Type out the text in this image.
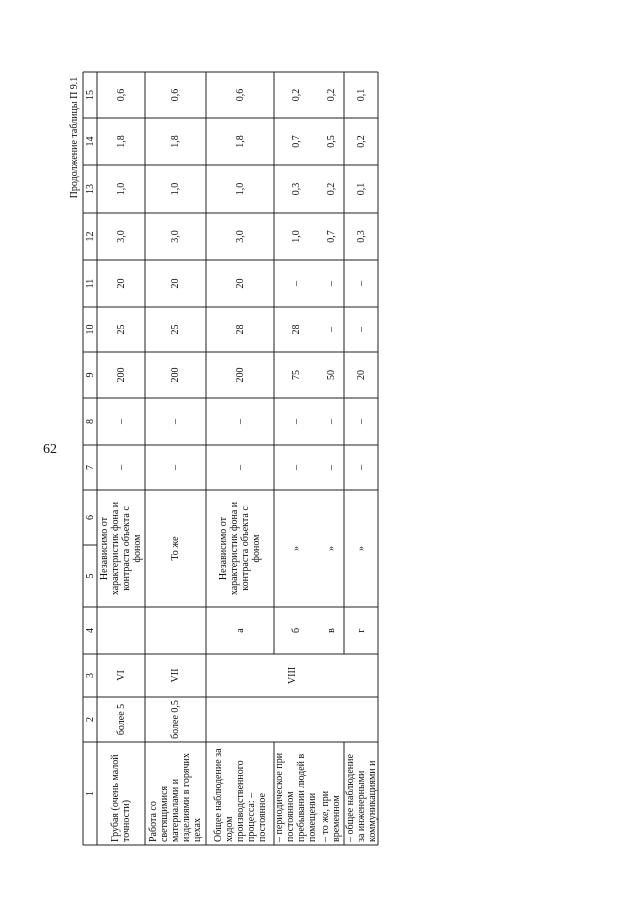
62
Продолжение таблицы П 9.1
1
2
3
4
5
6
7
8
9
10
11
12
13
14
15
Грубая (очень малой точности)
более 5
Независимо от характеристик фона и контраста объекта с фоном
–
–
200
25
20
3,0
1,0
1,8
0,6
VI
Работа со светящимися материалами и изделиями в горячих цехах
более 0,5
То же
–
–
200
25
20
3,0
1,0
1,8
0,6
VII
Общее наблюдение за ходом производственного процесса: – постоянное
а
Независимо от характеристик фона и контраста объекта с фоном
–
–
200
28
20
3,0
1,0
1,8
0,6
– периодическое при постоянном пребывании людей в помещении
б
»
–
–
75
28
–
1,0
0,3
0,7
0,2
– то же, при временном
в
»
–
–
50
–
–
0,7
0,2
0,5
0,2
– общее наблюдение за инженерными коммуникациями и
г
»
–
–
20
–
–
0,3
0,1
0,2
0,1
VIII
